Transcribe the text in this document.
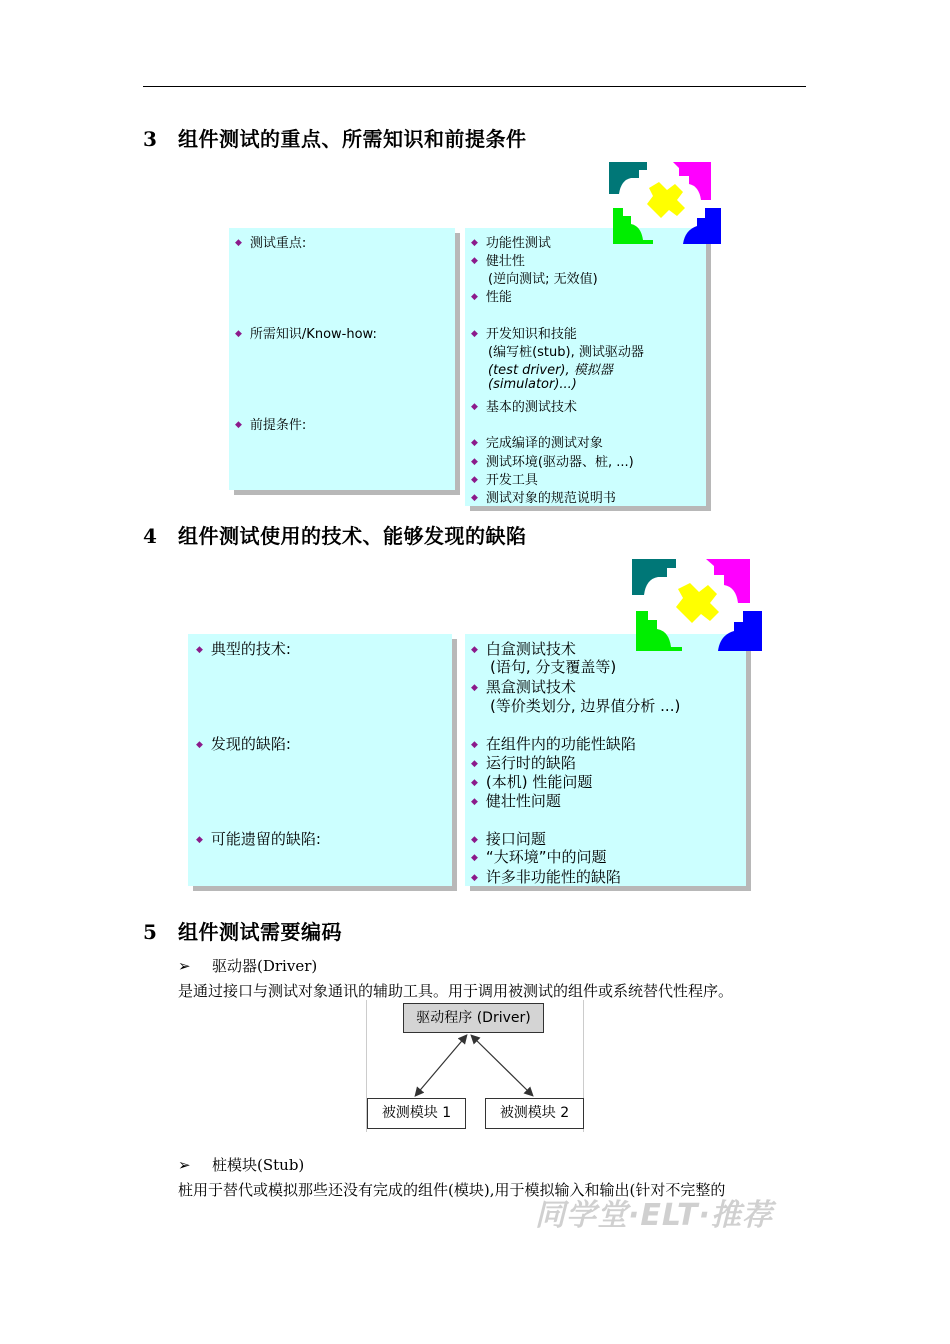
3 组件测试的重点、所需知识和前提条件
◆ 测试重点:
◆ 所需知识/Know-how:
◆ 前提条件:
◆ 功能性测试
◆ 健壮性
(逆向测试; 无效值)
◆ 性能
◆ 开发知识和技能
(编写桩(stub), 测试驱动器
(test driver), 模拟器
(simulator)...)
◆ 基本的测试技术
◆ 完成编译的测试对象
◆ 测试环境(驱动器、桩, ...)
◆ 开发工具
◆ 测试对象的规范说明书
4 组件测试使用的技术、能够发现的缺陷
◆ 典型的技术:
◆ 发现的缺陷:
◆ 可能遗留的缺陷:
◆ 白盒测试技术
(语句, 分支覆盖等)
◆ 黑盒测试技术
(等价类划分, 边界值分析 ...)
◆ 在组件内的功能性缺陷
◆ 运行时的缺陷
◆ (本机) 性能问题
◆ 健壮性问题
◆ 接口问题
◆ “大环境”中的问题
◆ 许多非功能性的缺陷
5 组件测试需要编码
➢ 驱动器(Driver)
是通过接口与测试对象通讯的辅助工具。用于调用被测试的组件或系统替代性程序。
驱动程序 (Driver)
被测模块 1	被测模块 2
➢ 桩模块(Stub)
桩用于替代或模拟那些还没有完成的组件(模块),用于模拟输入和输出(针对不完整的
同学堂·ELT·推荐
